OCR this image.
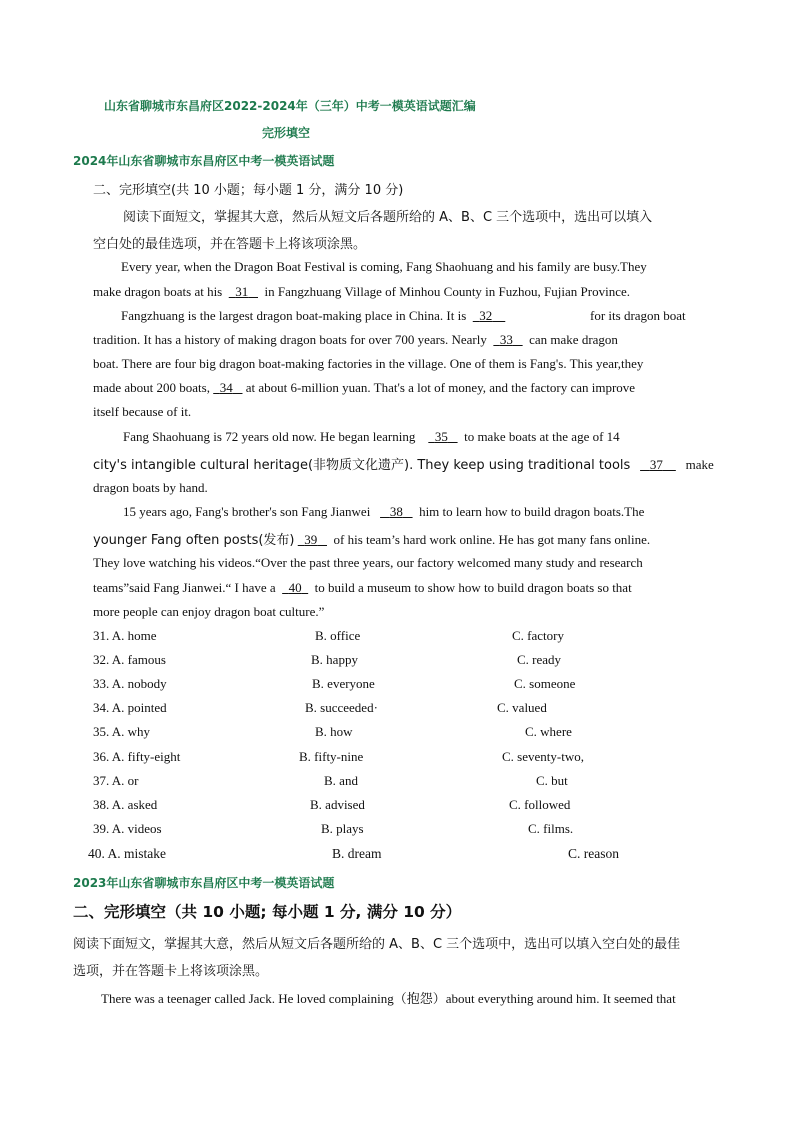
山东省聊城市东昌府区2022-2024年（三年）中考一模英语试题汇编
完形填空
2024年山东省聊城市东昌府区中考一模英语试题
二、完形填空(共 10 小题；每小题 1 分，满分 10 分)
阅读下面短文，掌握其大意，然后从短文后各题所给的 A、B、C 三个选项中，选出可以填入
空白处的最佳选项，并在答题卡上将该项涂黑。
Every year, when the Dragon Boat Festival is coming, Fang Shaohuang and his family are busy.They
make dragon boats at his 31 in Fangzhuang Village of Minhou County in Fuzhou, Fujian Province.
Fangzhuang is the largest dragon boat-making place in China. It is 32	for its dragon boat
tradition. It has a history of making dragon boats for over 700 years. Nearly 33 can make dragon
boat. There are four big dragon boat-making factories in the village. One of them is Fang's. This year,they
made about 200 boats, 34 at about 6-million yuan. That's a lot of money, and the factory can improve
itself because of it.
Fang Shaohuang is 72 years old now. He began learning 35 to make boats at the age of 14
city's intangible cultural heritage(非物质文化遗产). They keep using traditional tools 37 make
dragon boats by hand.
15 years ago, Fang's brother's son Fang Jianwei 38 him to learn how to build dragon boats.The
younger Fang often posts(发布) 39 of his team’s hard work online. He has got many fans online.
They love watching his videos.“Over the past three years, our factory welcomed many study and research
teams”said Fang Jianwei.“ I have a 40 to build a museum to show how to build dragon boats so that
more people can enjoy dragon boat culture.”
31. A. home	B. office	C. factory
32. A. famous	B. happy	C. ready
33. A. nobody	B. everyone	C. someone
34. A. pointed	B. succeeded·	C. valued
35. A. why	B. how	C. where
36. A. fifty-eight	B. fifty-nine	C. seventy-two,
37. A. or	B. and	C. but
38. A. asked	B. advised	C. followed
39. A. videos	B. plays	C. films.
40. A. mistake	B. dream	C. reason
2023年山东省聊城市东昌府区中考一模英语试题
二、完形填空（共 10 小题; 每小题 1 分, 满分 10 分）
阅读下面短文，掌握其大意，然后从短文后各题所给的 A、B、C 三个选项中，选出可以填入空白处的最佳
选项，并在答题卡上将该项涂黑。
There was a teenager called Jack. He loved complaining（抱怨）about everything around him. It seemed that
